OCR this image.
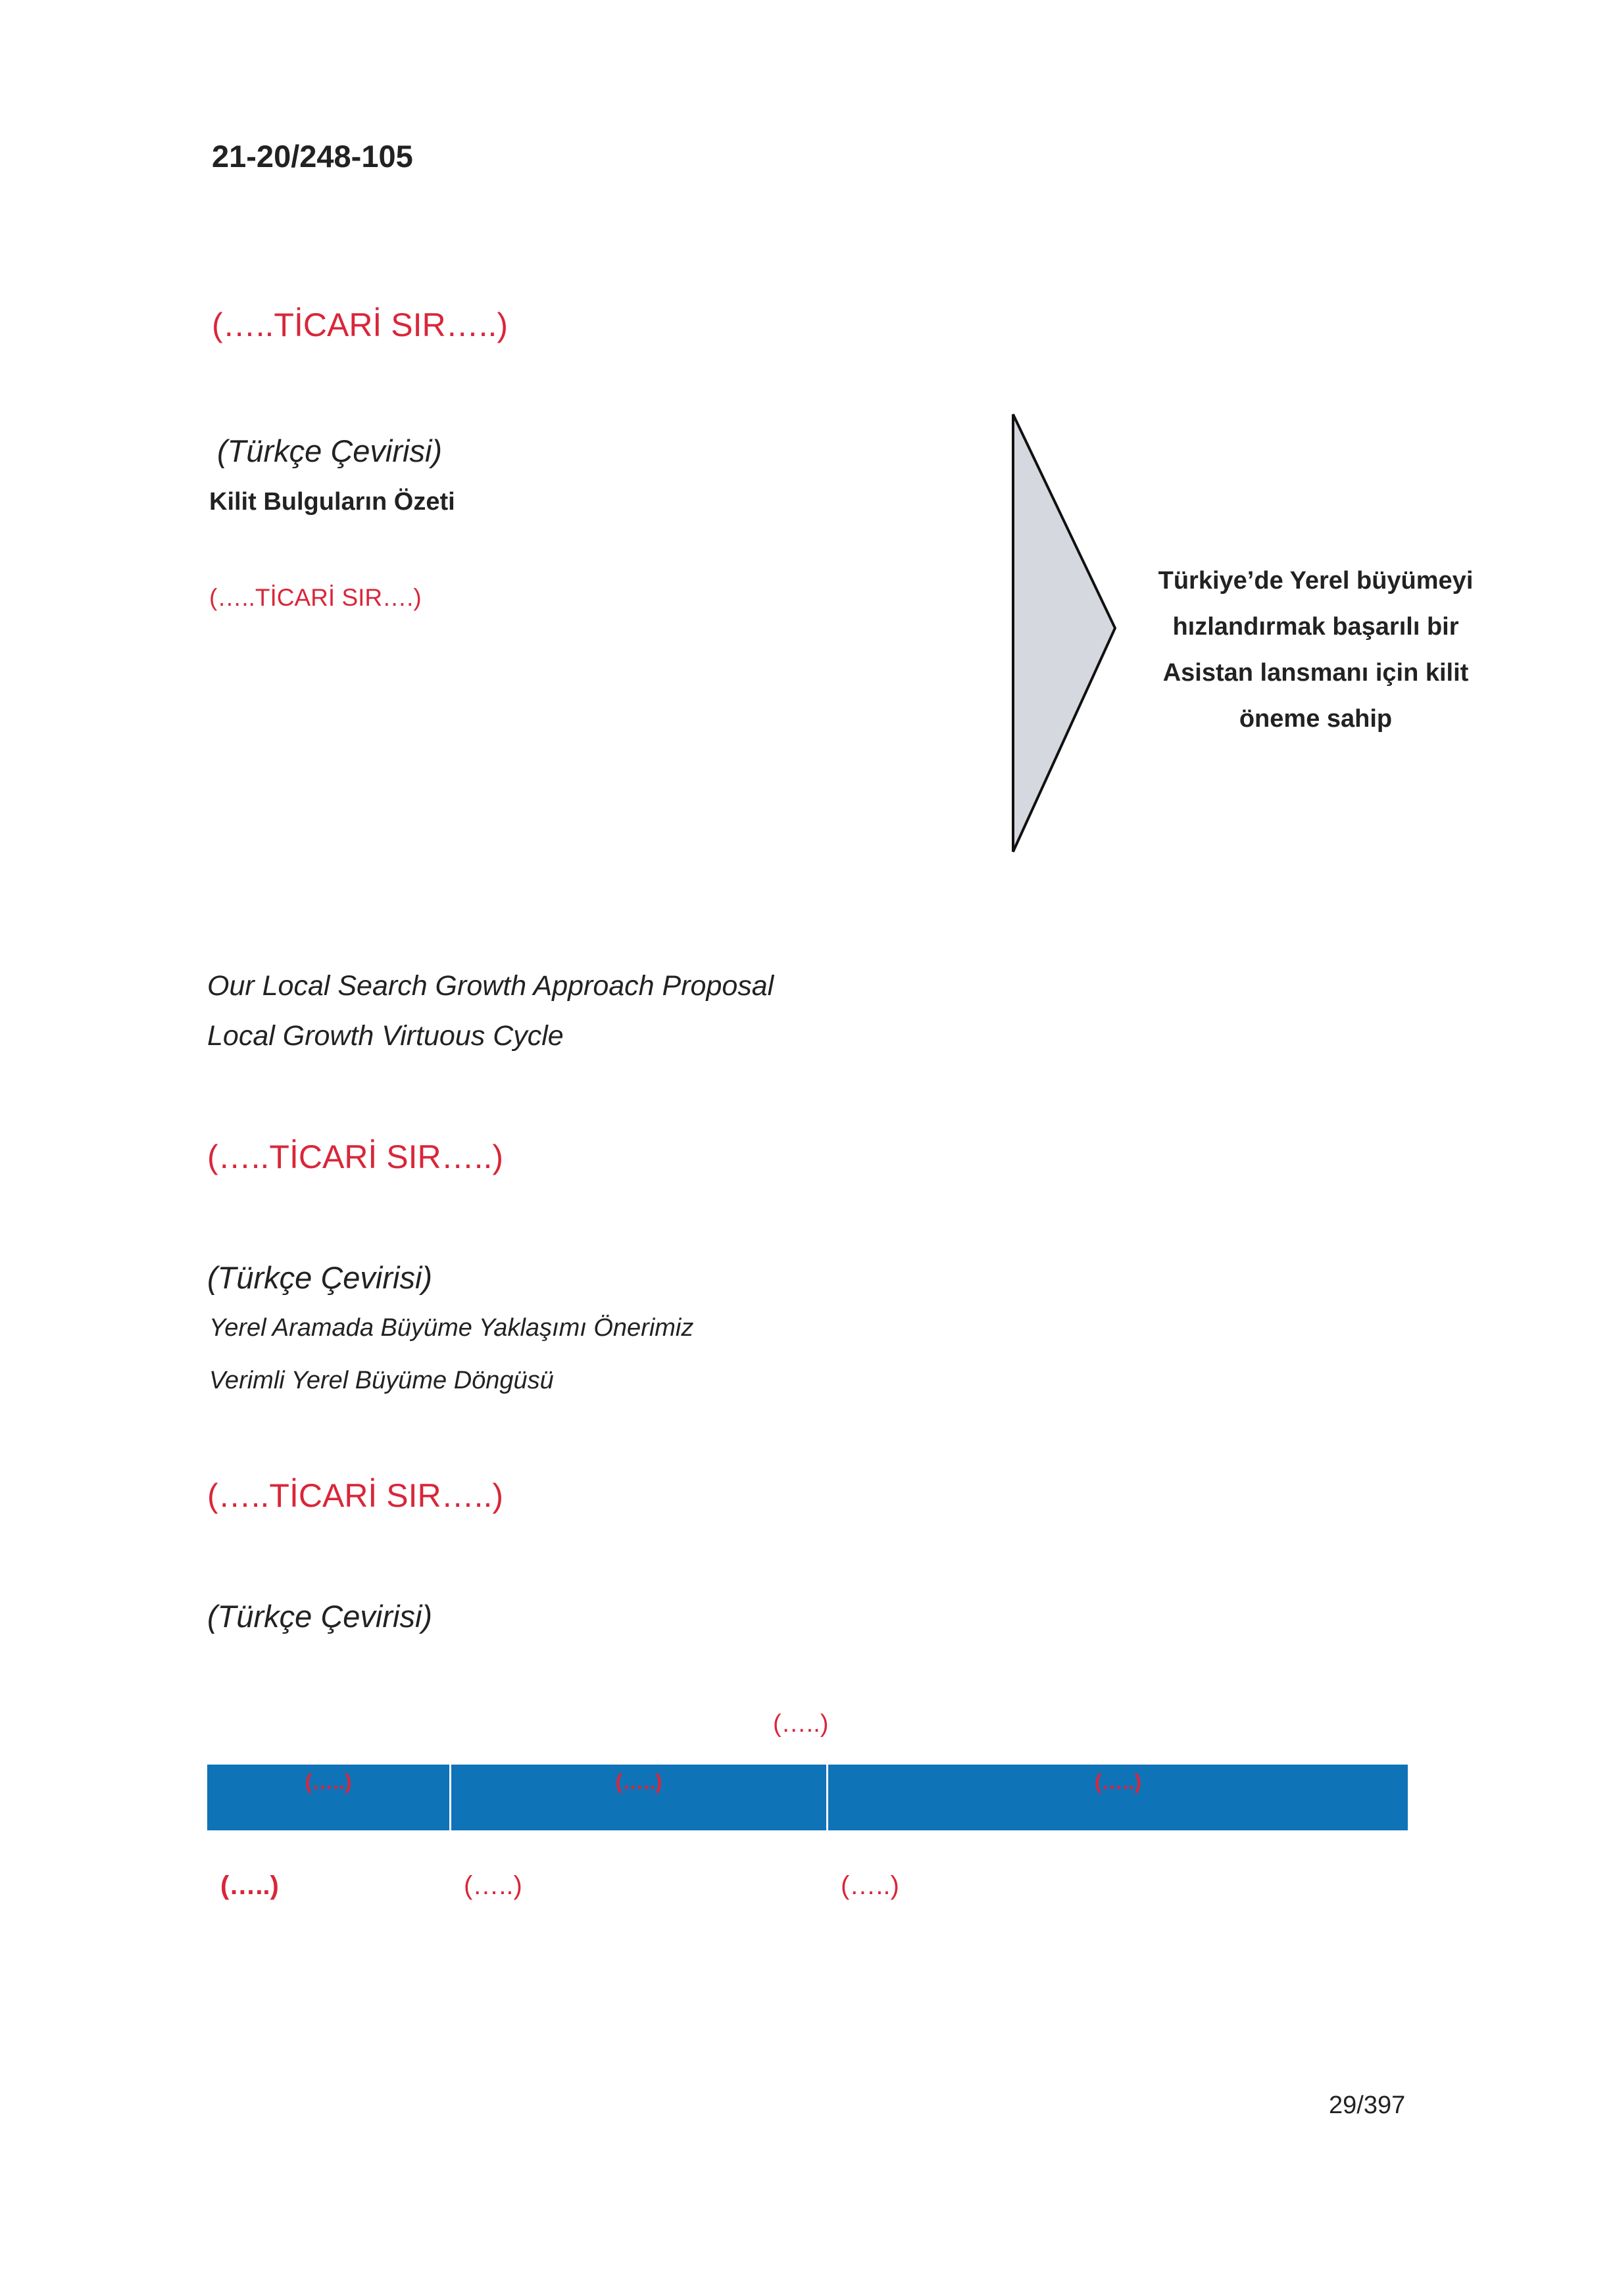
21-20/248-105
(…..TİCARİ SIR…..)
(Türkçe Çevirisi)
Kilit Bulguların Özeti
(…..TİCARİ SIR….)
Türkiye’de Yerel büyümeyi hızlandırmak başarılı bir Asistan lansmanı için kilit öneme sahip
Our Local Search Growth Approach Proposal
Local Growth Virtuous Cycle
(…..TİCARİ SIR…..)
(Türkçe Çevirisi)
Yerel Aramada Büyüme Yaklaşımı Önerimiz
Verimli Yerel Büyüme Döngüsü
(…..TİCARİ SIR…..)
(Türkçe Çevirisi)
(…..)
(…..)	(…..)	(…..)
(…..)	(…..)	(…..)
29/397
